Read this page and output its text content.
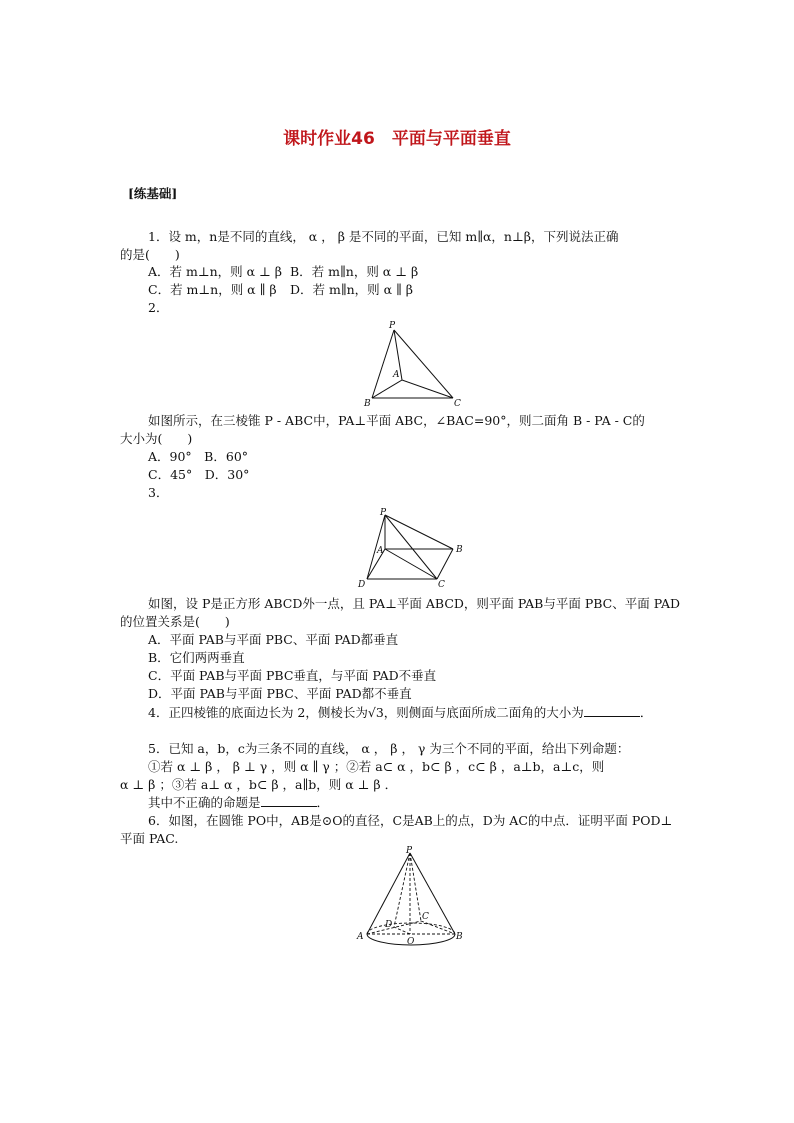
课时作业46　平面与平面垂直
[练基础]
1．设 m，n是不同的直线， α ， β 是不同的平面，已知 m∥α，n⊥β，下列说法正确
的是(　　)
A．若 m⊥n，则 α ⊥ β B．若 m∥n，则 α ⊥ β
C．若 m⊥n，则 α ∥ β D．若 m∥n，则 α ∥ β
2．
P
A
B	C
如图所示，在三棱锥 P - ABC中，PA⊥平面 ABC，∠BAC=90°，则二面角 B - PA - C的
大小为(　　)
A．90°　B．60°
C．45°　D．30°
3．
P
A	B
C
D
如图，设 P是正方形 ABCD外一点，且 PA⊥平面 ABCD，则平面 PAB与平面 PBC、平面 PAD
的位置关系是(　　)
A．平面 PAB与平面 PBC、平面 PAD都垂直
B．它们两两垂直
C．平面 PAB与平面 PBC垂直，与平面 PAD不垂直
D．平面 PAB与平面 PBC、平面 PAD都不垂直
4．正四棱锥的底面边长为 2，侧棱长为√3，则侧面与底面所成二面角的大小为	．
5．已知 a，b，c为三条不同的直线， α ， β ， γ 为三个不同的平面，给出下列命题：
①若 α ⊥ β ， β ⊥ γ ，则 α ∥ γ ；②若 a⊂ α ，b⊂ β ，c⊂ β ，a⊥b，a⊥c，则
α ⊥ β ；③若 a⊥ α ，b⊂ β ，a∥b，则 α ⊥ β ．
其中不正确的命题是	．
6．如图，在圆锥 PO中，AB是⊙O的直径，C是AB上的点，D为 AC的中点．证明平面 POD⊥
平面 PAC.
P
A	B
C
D
O
